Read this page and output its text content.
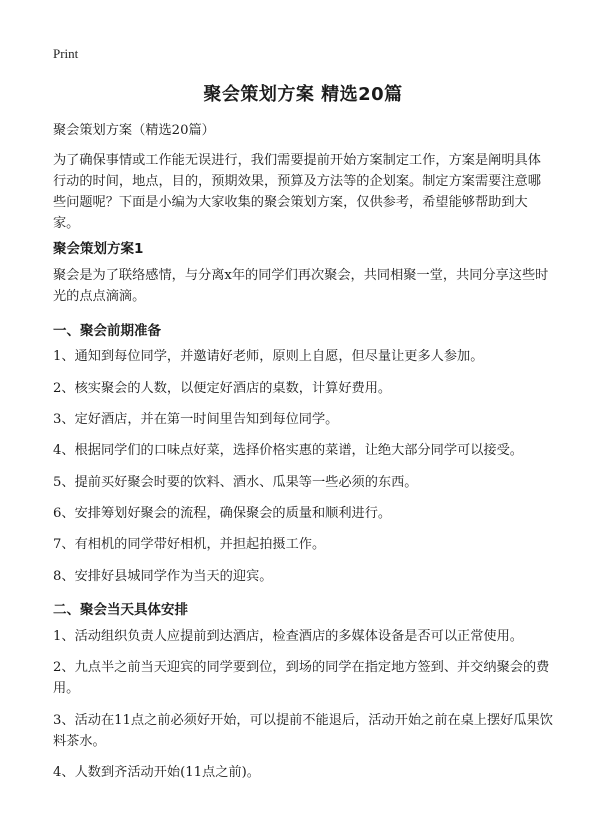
Print
聚会策划方案 精选20篇
聚会策划方案（精选20篇）
为了确保事情或工作能无误进行，我们需要提前开始方案制定工作，方案是阐明具体行动的时间，地点，目的，预期效果，预算及方法等的企划案。制定方案需要注意哪些问题呢？下面是小编为大家收集的聚会策划方案，仅供参考，希望能够帮助到大家。
聚会策划方案1
聚会是为了联络感情，与分离x年的同学们再次聚会，共同相聚一堂，共同分享这些时光的点点滴滴。
一、聚会前期准备
1、通知到每位同学，并邀请好老师，原则上自愿，但尽量让更多人参加。
2、核实聚会的人数，以便定好酒店的桌数，计算好费用。
3、定好酒店，并在第一时间里告知到每位同学。
4、根据同学们的口味点好菜，选择价格实惠的菜谱，让绝大部分同学可以接受。
5、提前买好聚会时要的饮料、酒水、瓜果等一些必须的东西。
6、安排筹划好聚会的流程，确保聚会的质量和顺利进行。
7、有相机的同学带好相机，并担起拍摄工作。
8、安排好县城同学作为当天的迎宾。
二、聚会当天具体安排
1、活动组织负责人应提前到达酒店，检查酒店的多媒体设备是否可以正常使用。
2、九点半之前当天迎宾的同学要到位，到场的同学在指定地方签到、并交纳聚会的费用。
3、活动在11点之前必须好开始，可以提前不能退后，活动开始之前在桌上摆好瓜果饮料茶水。
4、人数到齐活动开始(11点之前)。
